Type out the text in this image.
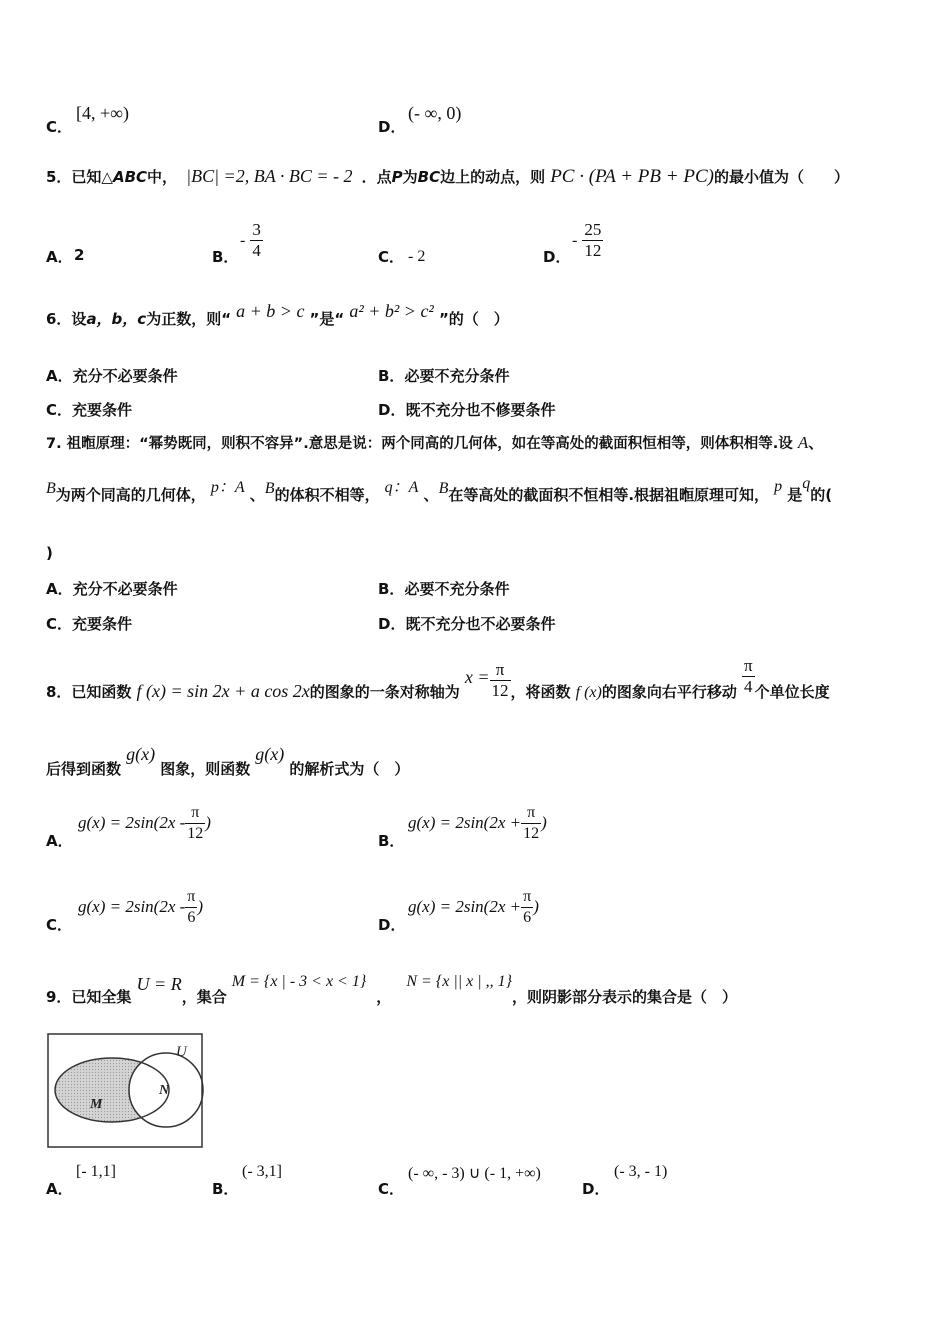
C．
[4, +∞)
D．
(- ∞, 0)
5．已知△ABC中， |BC| =2, BA · BC = - 2 ．点P为BC边上的动点，则 PC · (PA + PB + PC)的最小值为（　　）
A． 2	B．
- $\frac{3}{4}$	C． - 2	D．
- $\frac{25}{12}$
6．设a，b，c为正数，则“ a + b > c ”是“ a² + b² > c² ”的（　）
A．充分不必要条件	B．必要不充分条件
C．充要条件	D．既不充分也不修要条件
7. 祖暅原理：“幂势既同，则积不容异”.意思是说：两个同高的几何体，如在等高处的截面积恒相等，则体积相等.设 A、
B为两个同高的几何体， p：A 、B的体积不相等， q：A 、B在等高处的截面积不恒相等.根据祖暅原理可知， p 是q的(
)
A．充分不必要条件	B．必要不充分条件
C．充要条件	D．既不充分也不必要条件
8．已知函数 f (x) = sin 2x + a cos 2x的图象的一条对称轴为 $x = \frac{\pi}{12}$ ，将函数 f (x)的图象向右平行移动 $\frac{\pi}{4}$ 个单位长度
后得到函数 g(x) 图象，则函数 g(x) 的解析式为（　）
A．
$g(x) = 2\sin(2x - \frac{\pi}{12}$ )
B．
$g(x) = 2\sin(2x + \frac{\pi}{12}$ )
C．
$g(x) = 2\sin(2x - \frac{\pi}{6}$ )
D．
$g(x) = 2\sin(2x + \frac{\pi}{6}$ )
9．已知全集 U = R，集合 M = {x | - 3 < x < 1}， N = {x || x | ,, 1}，则阴影部分表示的集合是（　）
U
M
N
A．
[- 1,1]
B．
(- 3,1]
C．
(- ∞, - 3) ∪ (- 1, +∞)
D．
(- 3, - 1)
